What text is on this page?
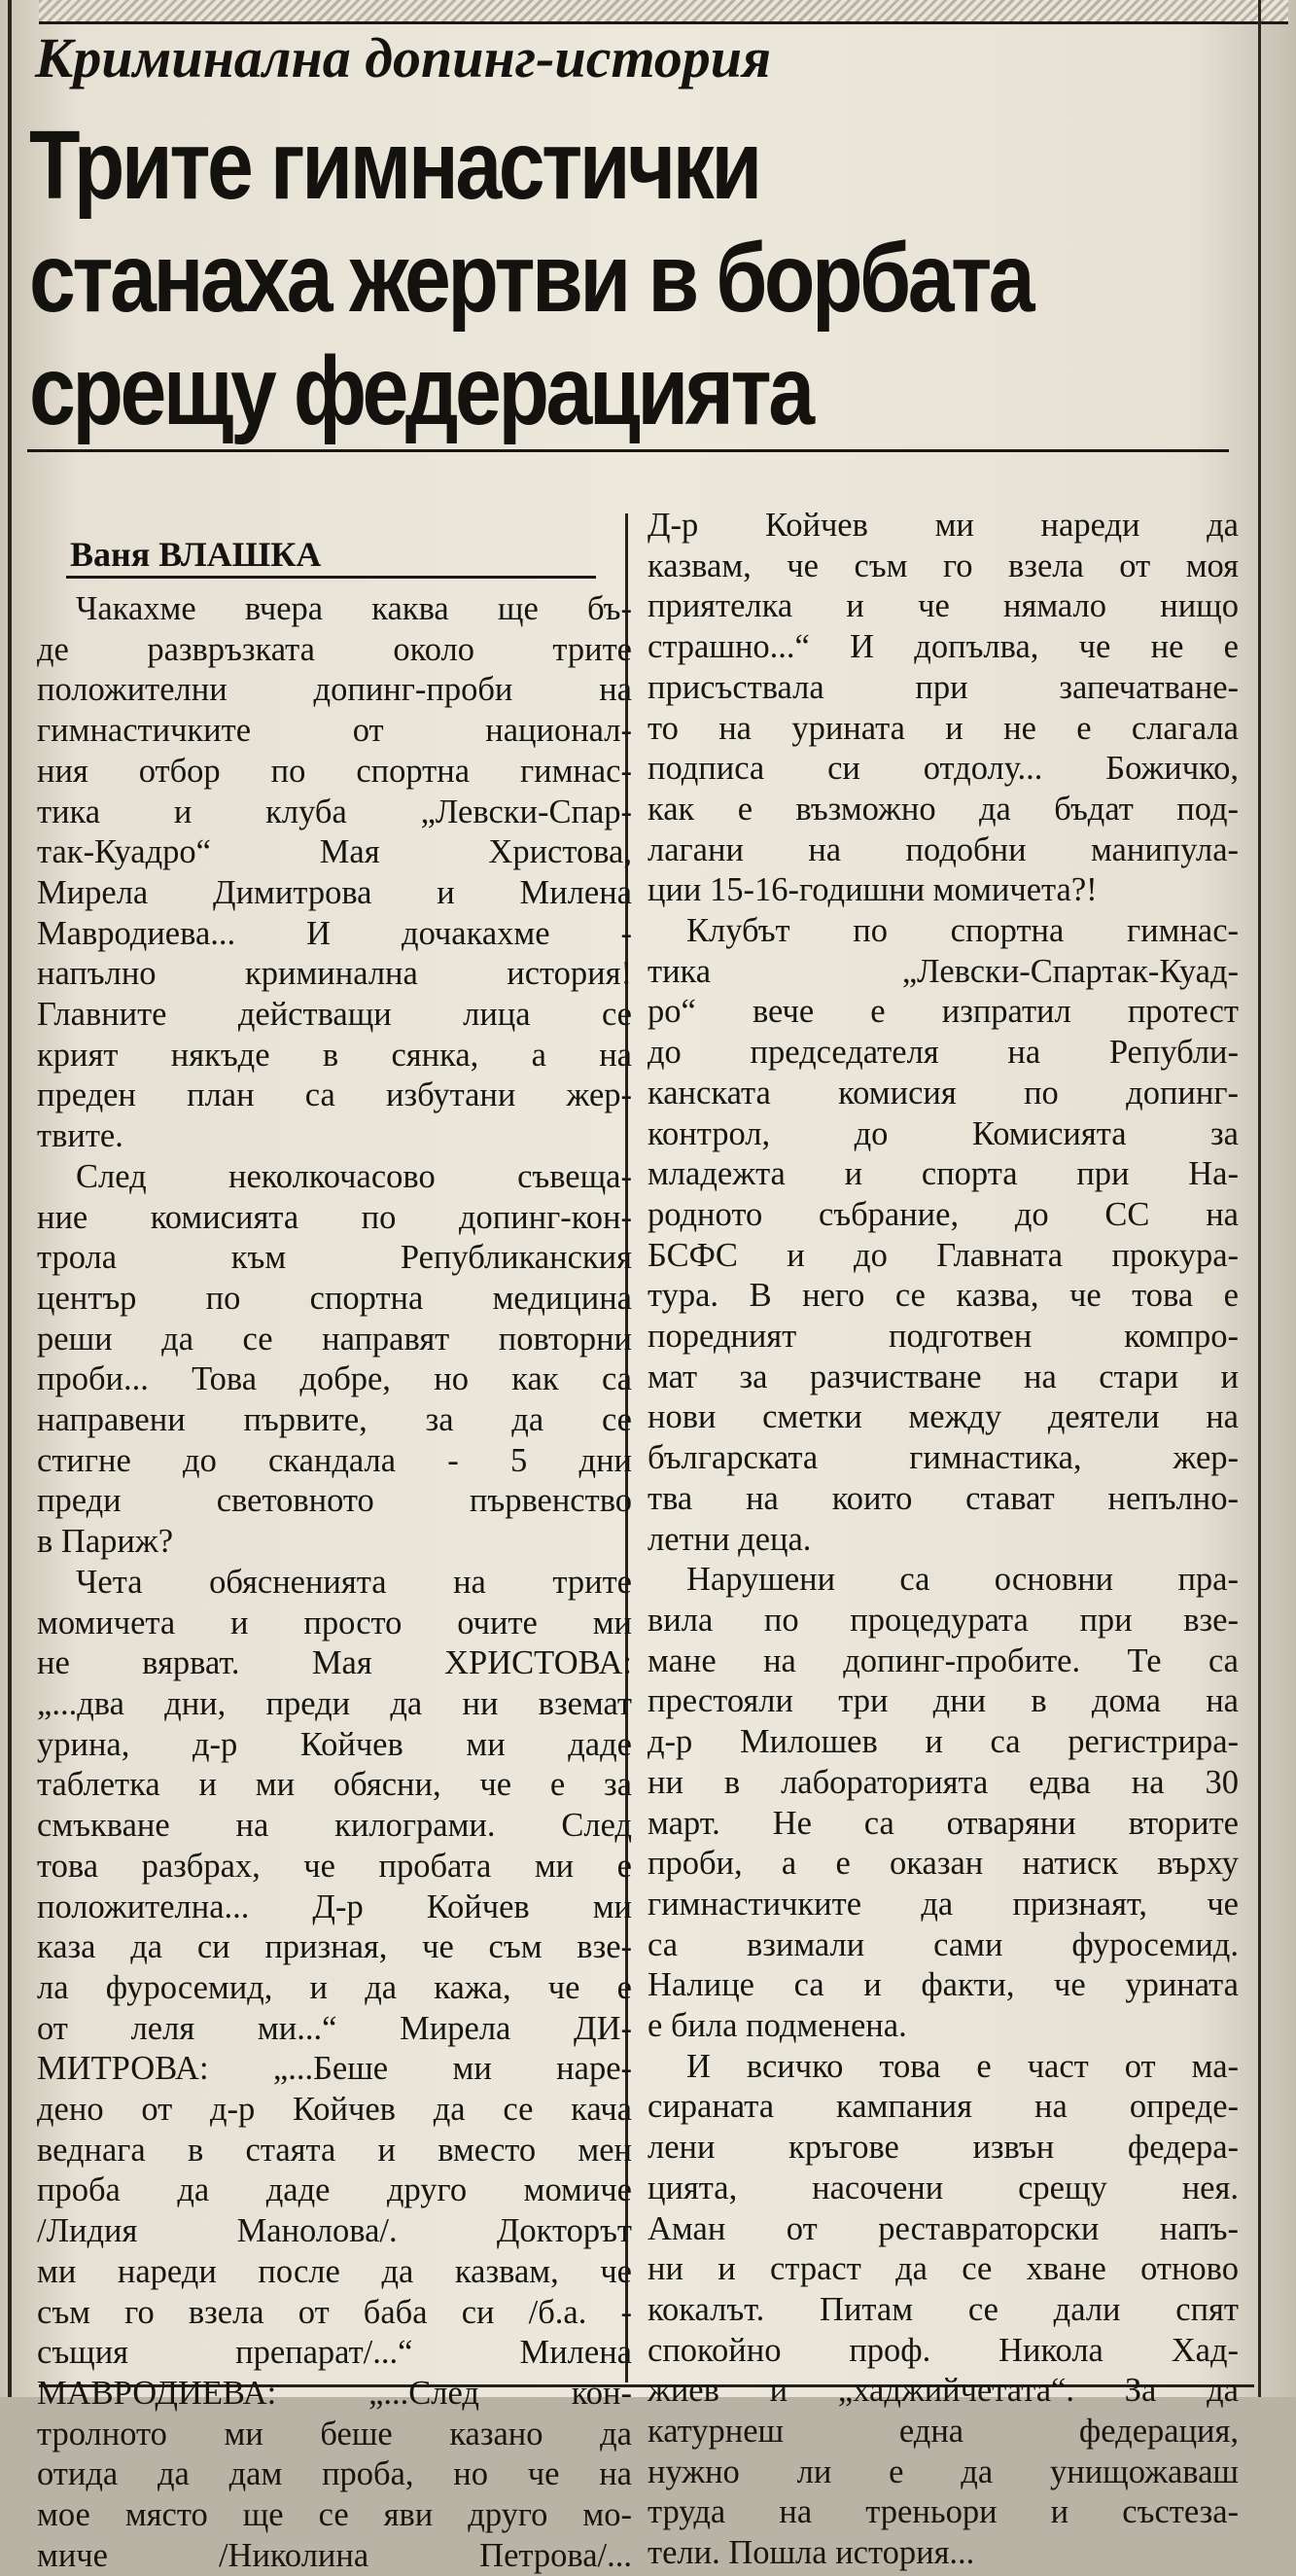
Криминална допинг-история
Трите гимнастички
станаха жертви в борбата
срещу федерацията
Ваня ВЛАШКА
Чакахме вчера каква ще бъ-
де развръзката около трите
положителни допинг-проби на
гимнастичките от национал-
ния отбор по спортна гимнас-
тика и клуба „Левски-Спар-
так-Куадро“ Мая Христова,
Мирела Димитрова и Милена
Мавродиева... И дочакахме -
напълно криминална история!
Главните действащи лица се
крият някъде в сянка, а на
преден план са избутани жер-
твите.
След неколкочасово съвеща-
ние комисията по допинг-кон-
трола към Републиканския
център по спортна медицина
реши да се направят повторни
проби... Това добре, но как са
направени първите, за да се
стигне до скандала - 5 дни
преди световното първенство
в Париж?
Чета обясненията на трите
момичета и просто очите ми
не вярват. Мая ХРИСТОВА:
„...два дни, преди да ни вземат
урина, д-р Койчев ми даде
таблетка и ми обясни, че е за
смъкване на килограми. След
това разбрах, че пробата ми е
положителна... Д-р Койчев ми
каза да си призная, че съм взе-
ла фуросемид, и да кажа, че е
от леля ми...“ Мирела ДИ-
МИТРОВА: „...Беше ми наре-
дено от д-р Койчев да се кача
веднага в стаята и вместо мен
проба да даде друго момиче
/Лидия Манолова/. Докторът
ми нареди после да казвам, че
съм го взела от баба си /б.а. -
същия препарат/...“ Милена
МАВРОДИЕВА: „...След кон-
тролното ми беше казано да
отида да дам проба, но че на
мое място ще се яви друго мо-
миче /Николина Петрова/...
Д-р Койчев ми нареди да
казвам, че съм го взела от моя
приятелка и че нямало нищо
страшно...“ И допълва, че не е
присъствала при запечатване-
то на урината и не е слагала
подписа си отдолу... Божичко,
как е възможно да бъдат под-
лагани на подобни манипула-
ции 15-16-годишни момичета?!
Клубът по спортна гимнас-
тика „Левски-Спартак-Куад-
ро“ вече е изпратил протест
до председателя на Републи-
канската комисия по допинг-
контрол, до Комисията за
младежта и спорта при На-
родното събрание, до СС на
БСФС и до Главната прокура-
тура. В него се казва, че това е
поредният подготвен компро-
мат за разчистване на стари и
нови сметки между деятели на
българската гимнастика, жер-
тва на които стават непълно-
летни деца.
Нарушени са основни пра-
вила по процедурата при взе-
мане на допинг-пробите. Те са
престояли три дни в дома на
д-р Милошев и са регистрира-
ни в лабораторията едва на 30
март. Не са отваряни вторите
проби, а е оказан натиск върху
гимнастичките да признаят, че
са взимали сами фуросемид.
Налице са и факти, че урината
е била подменена.
И всичко това е част от ма-
сираната кампания на опреде-
лени кръгове извън федера-
цията, насочени срещу нея.
Аман от реставраторски напъ-
ни и страст да се хване отново
кокалът. Питам се дали спят
спокойно проф. Никола Хад-
жиев и „хаджийчетата“. За да
катурнеш една федерация,
нужно ли е да унищожаваш
труда на треньори и състеза-
тели. Пошла история...
